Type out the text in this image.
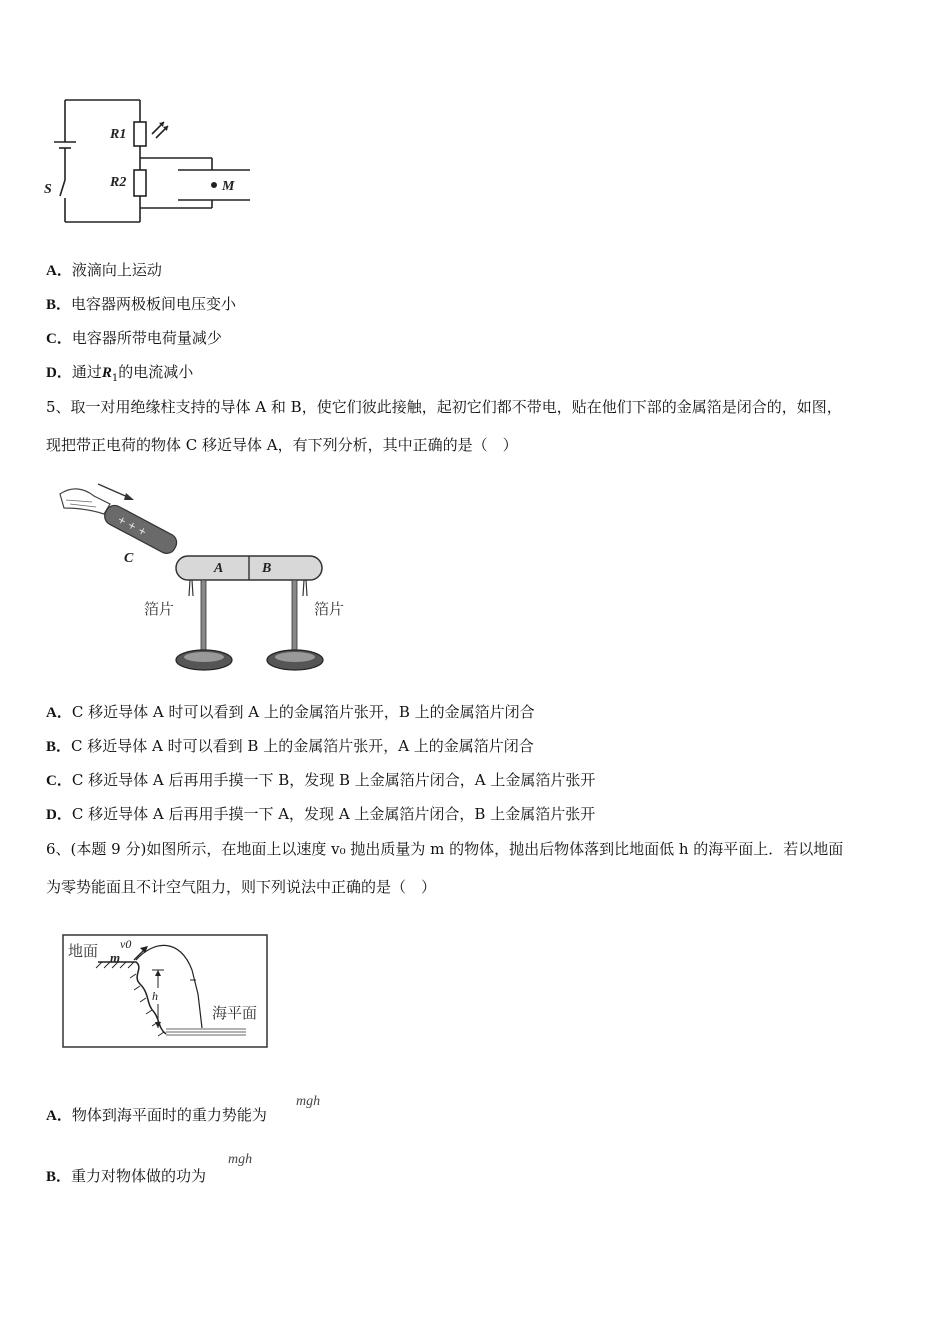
R1
R2
S	M
A．液滴向上运动
B．电容器两极板间电压变小
C．电容器所带电荷量减少
D．通过$R_1$的电流减小
5、取一对用绝缘柱支持的导体 A 和 B，使它们彼此接触，起初它们都不带电，贴在他们下部的金属箔是闭合的，如图，
现把带正电荷的物体 C 移近导体 A，有下列分析，其中正确的是（　）
+ + +
C
A	B
箔片	箔片
A．C 移近导体 A 时可以看到 A 上的金属箔片张开，B 上的金属箔片闭合
B．C 移近导体 A 时可以看到 B 上的金属箔片张开，A 上的金属箔片闭合
C．C 移近导体 A 后再用手摸一下 B，发现 B 上金属箔片闭合，A 上金属箔片张开
D．C 移近导体 A 后再用手摸一下 A，发现 A 上金属箔片闭合，B 上金属箔片张开
6、(本题 9 分)如图所示，在地面上以速度 v₀ 抛出质量为 m 的物体，抛出后物体落到比地面低 h 的海平面上．若以地面
为零势能面且不计空气阻力，则下列说法中正确的是（　）
地面 v0
m
h
海平面
A．物体到海平面时的重力势能为
mgh
B．重力对物体做的功为
mgh
